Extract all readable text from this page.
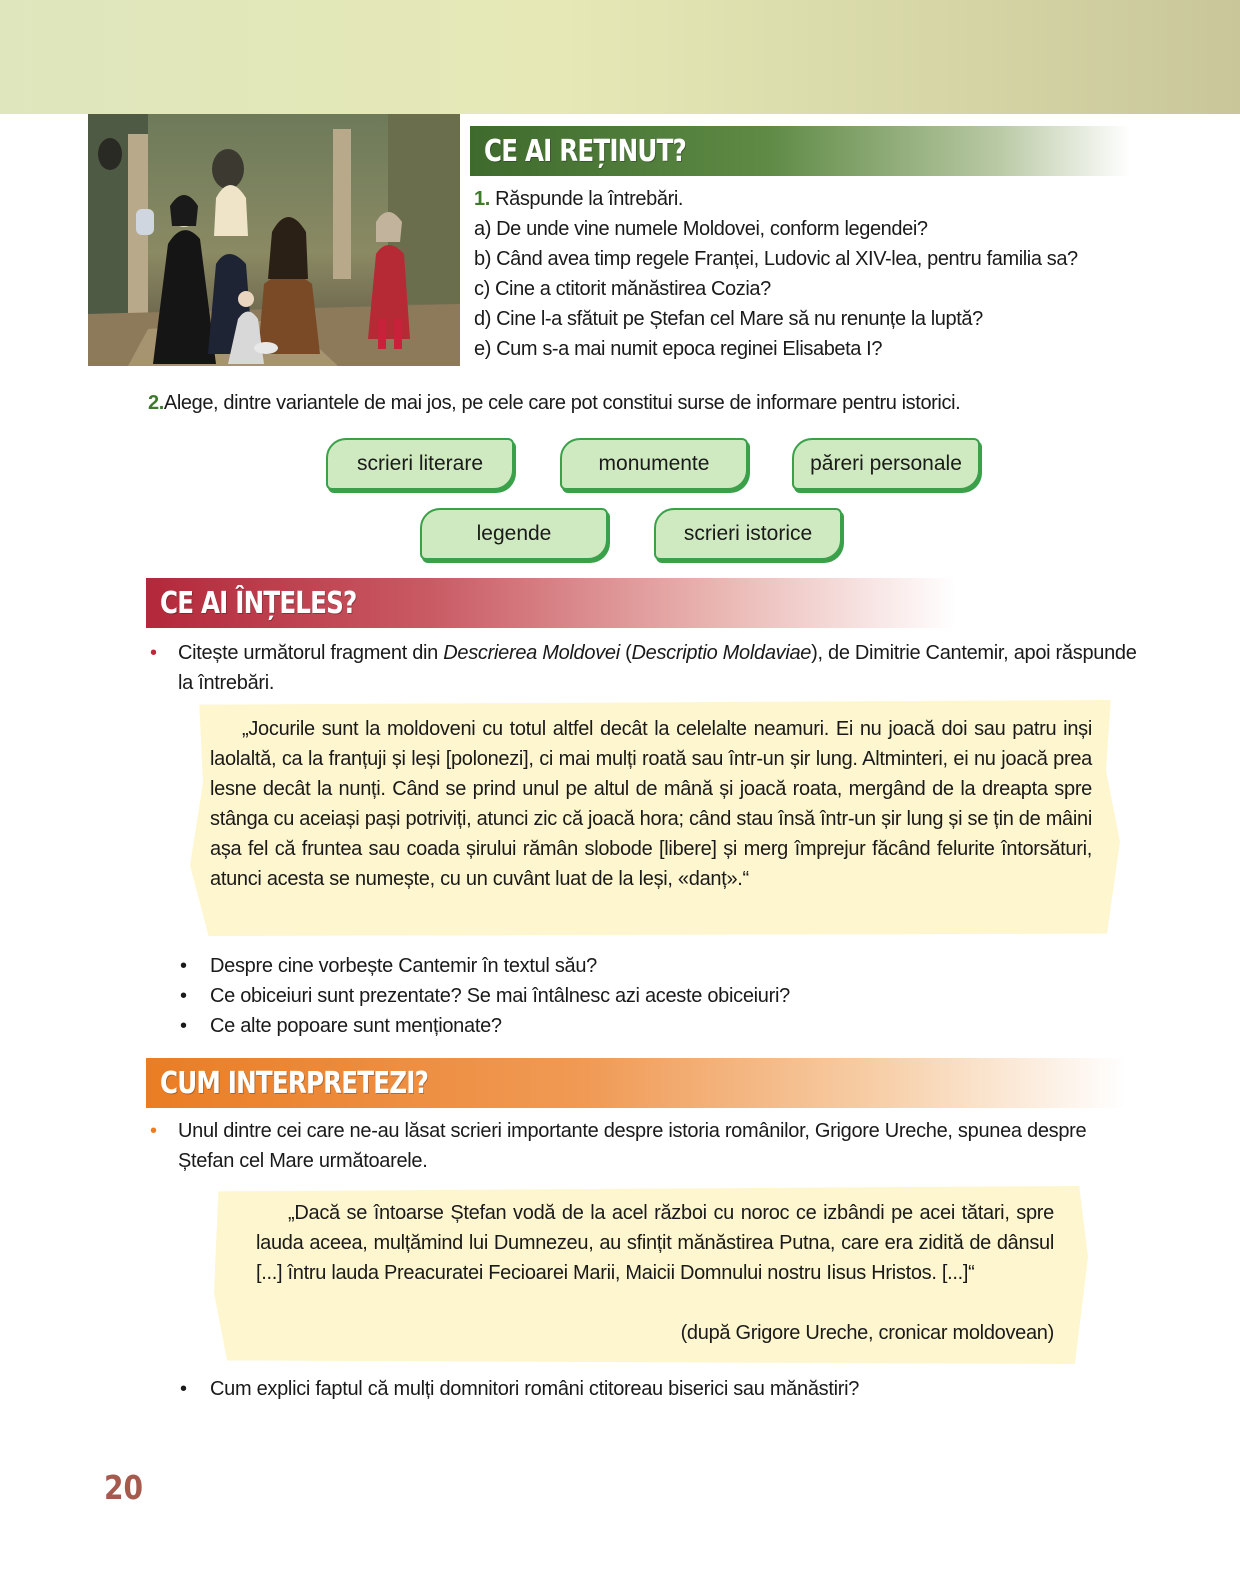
CE AI REȚINUT?
1. Răspunde la întrebări.
a) De unde vine numele Moldovei, conform legendei?
b) Când avea timp regele Franței, Ludovic al XIV-lea, pentru familia sa?
c) Cine a ctitorit mănăstirea Cozia?
d) Cine l-a sfătuit pe Ștefan cel Mare să nu renunțe la luptă?
e) Cum s-a mai numit epoca reginei Elisabeta I?
2.Alege, dintre variantele de mai jos, pe cele care pot constitui surse de informare pentru istorici.
scrieri literare	monumente	păreri personale
legende	scrieri istorice
CE AI ÎNȚELES?
• Citește următorul fragment din Descrierea Moldovei (Descriptio Moldaviae), de Dimitrie Cantemir, apoi răspunde la întrebări.

„Jocurile sunt la moldoveni cu totul altfel decât la celelalte neamuri. Ei nu joacă doi sau patru inși laolaltă, ca la franțuji și leși [polonezi], ci mai mulți roată sau într-un șir lung. Altminteri, ei nu joacă prea lesne decât la nunți. Când se prind unul pe altul de mână și joacă roata, mergând de la dreapta spre stânga cu aceiași pași potriviți, atunci zic că joacă hora; când stau însă într-un șir lung și se țin de mâini așa fel că fruntea sau coada șirului rămân slobode [libere] și merg împrejur făcând felurite întorsături, atunci acesta se numește, cu un cuvânt luat de la leși, «danț».“

• Despre cine vorbește Cantemir în textul său?
• Ce obiceiuri sunt prezentate? Se mai întâlnesc azi aceste obiceiuri?
• Ce alte popoare sunt menționate?
CUM INTERPRETEZI?
• Unul dintre cei care ne-au lăsat scrieri importante despre istoria românilor, Grigore Ureche, spunea despre Ștefan cel Mare următoarele.

„Dacă se întoarse Ștefan vodă de la acel război cu noroc ce izbândi pe acei tătari, spre lauda aceea, mulțămind lui Dumnezeu, au sfințit mănăstirea Putna, care era zidită de dânsul [...] întru lauda Preacuratei Fecioarei Marii, Maicii Domnului nostru Iisus Hristos. [...]“

(după Grigore Ureche, cronicar moldovean)
• Cum explici faptul că mulți domnitori români ctitoreau biserici sau mănăstiri?
20
